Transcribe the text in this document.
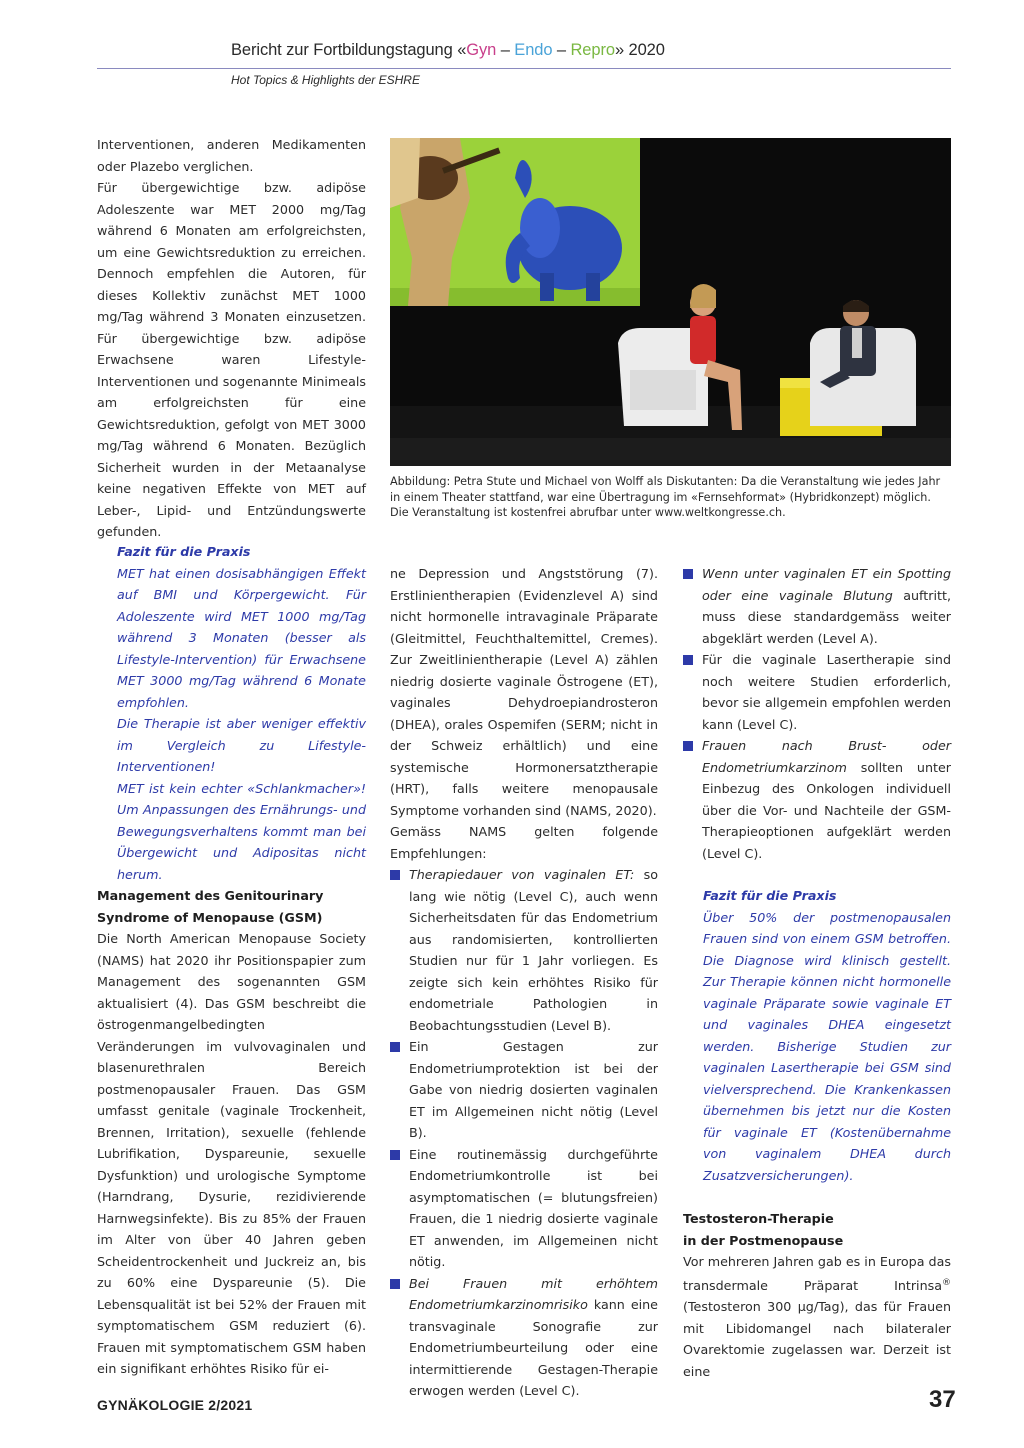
Bericht zur Fortbildungstagung «Gyn – Endo – Repro» 2020
Hot Topics & Highlights der ESHRE

Interventionen, anderen Medikamenten oder Plazebo verglichen.

Für übergewichtige bzw. adipöse Adoleszente war MET 2000 mg/Tag während 6 Monaten am erfolgreichsten, um eine Gewichtsreduktion zu erreichen. Dennoch empfehlen die Autoren, für dieses Kollektiv zunächst MET 1000 mg/Tag während 3 Monaten einzusetzen. Für übergewichtige bzw. adipöse Erwachsene waren Lifestyle-Interventionen und sogenannte Minimeals am erfolgreichsten für eine Gewichtsreduktion, gefolgt von MET 3000 mg/Tag während 6 Monaten. Bezüglich Sicherheit wurden in der Metaanalyse keine negativen Effekte von MET auf Leber-, Lipid- und Entzündungswerte gefunden.

Fazit für die Praxis

MET hat einen dosisabhängigen Effekt auf BMI und Körpergewicht. Für Adoleszente wird MET 1000 mg/Tag während 3 Monaten (besser als Lifestyle-Intervention) für Erwachsene MET 3000 mg/Tag während 6 Monate empfohlen.

Die Therapie ist aber weniger effektiv im Vergleich zu Lifestyle-Interventionen!

MET ist kein echter «Schlankmacher»! Um Anpassungen des Ernährungs- und Bewegungsverhaltens kommt man bei Übergewicht und Adipositas nicht herum.

Management des Genitourinary

Syndrome of Menopause (GSM)

Die North American Menopause Society (NAMS) hat 2020 ihr Positionspapier zum Management des sogenannten GSM aktualisiert (4). Das GSM beschreibt die östrogenmangelbedingten Veränderungen im vulvovaginalen und blasenurethralen Bereich postmenopausaler Frauen. Das GSM umfasst genitale (vaginale Trockenheit, Brennen, Irritation), sexuelle (fehlende Lubrifikation, Dyspareunie, sexuelle Dysfunktion) und urologische Symptome (Harndrang, Dysurie, rezidivierende Harnwegsinfekte). Bis zu 85% der Frauen im Alter von über 40 Jahren geben Scheidentrockenheit und Juckreiz an, bis zu 60% eine Dyspareunie (5). Die Lebensqualität ist bei 52% der Frauen mit symptomatischem GSM reduziert (6). Frauen mit symptomatischem GSM haben ein signifikant erhöhtes Risiko für ei-

Abbildung: Petra Stute und Michael von Wolff als Diskutanten: Da die Veranstaltung wie jedes Jahr in einem Theater stattfand, war eine Übertragung im «Fernsehformat» (Hybridkonzept) möglich. Die Veranstaltung ist kostenfrei abrufbar unter www.weltkongresse.ch.

ne Depression und Angststörung (7). Erstlinientherapien (Evidenzlevel A) sind nicht hormonelle intravaginale Präparate (Gleitmittel, Feuchthaltemittel, Cremes). Zur Zweitlinientherapie (Level A) zählen niedrig dosierte vaginale Östrogene (ET), vaginales Dehydroepiandrosteron (DHEA), orales Ospemifen (SERM; nicht in der Schweiz erhältlich) und eine systemische Hormonersatztherapie (HRT), falls weitere menopausale Symptome vorhanden sind (NAMS, 2020).

Gemäss NAMS gelten folgende Empfehlungen:

Therapiedauer von vaginalen ET: so lang wie nötig (Level C), auch wenn Sicherheitsdaten für das Endometrium aus randomisierten, kontrollierten Studien nur für 1 Jahr vorliegen. Es zeigte sich kein erhöhtes Risiko für endometriale Pathologien in Beobachtungsstudien (Level B).
Ein Gestagen zur Endometriumprotektion ist bei der Gabe von niedrig dosierten vaginalen ET im Allgemeinen nicht nötig (Level B).
Eine routinemässig durchgeführte Endometriumkontrolle ist bei asymptomatischen (= blutungsfreien) Frauen, die 1 niedrig dosierte vaginale ET anwenden, im Allgemeinen nicht nötig.
Bei Frauen mit erhöhtem Endometriumkarzinomrisiko kann eine transvaginale Sonografie zur Endometriumbeurteilung oder eine intermittierende Gestagen-Therapie erwogen werden (Level C).
Wenn unter vaginalen ET ein Spotting oder eine vaginale Blutung auftritt, muss diese standardgemäss weiter abgeklärt werden (Level A).
Für die vaginale Lasertherapie sind noch weitere Studien erforderlich, bevor sie allgemein empfohlen werden kann (Level C).
Frauen nach Brust- oder Endometriumkarzinom sollten unter Einbezug des Onkologen individuell über die Vor- und Nachteile der GSM-Therapieoptionen aufgeklärt werden (Level C).

Fazit für die Praxis

Über 50% der postmenopausalen Frauen sind von einem GSM betroffen. Die Diagnose wird klinisch gestellt. Zur Therapie können nicht hormonelle vaginale Präparate sowie vaginale ET und vaginales DHEA eingesetzt werden. Bisherige Studien zur vaginalen Lasertherapie bei GSM sind vielversprechend. Die Krankenkassen übernehmen bis jetzt nur die Kosten für vaginale ET (Kostenübernahme von vaginalem DHEA durch Zusatzversicherungen).

Testosteron-Therapie

in der Postmenopause

Vor mehreren Jahren gab es in Europa das transdermale Präparat Intrinsa® (Testosteron 300 µg/Tag), das für Frauen mit Libidomangel nach bilateraler Ovarektomie zugelassen war. Derzeit ist eine

GYNÄKOLOGIE 2/2021	37
